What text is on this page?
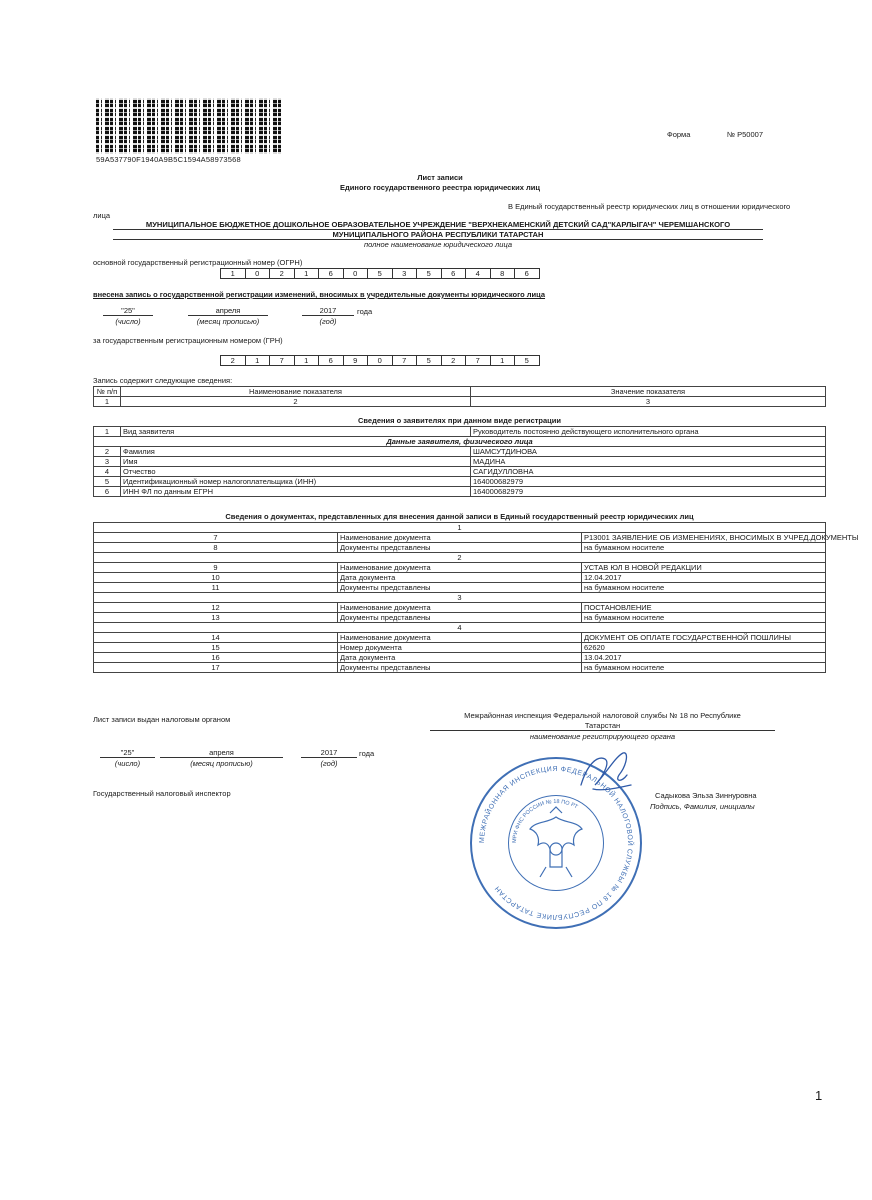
59A537790F1940A9B5C1594A58973568
Форма	№ Р50007
Лист записи
Единого государственного реестра юридических лиц
В Единый государственный реестр юридических лиц в отношении юридического
лица
МУНИЦИПАЛЬНОЕ БЮДЖЕТНОЕ ДОШКОЛЬНОЕ ОБРАЗОВАТЕЛЬНОЕ УЧРЕЖДЕНИЕ "ВЕРХНЕКАМЕНСКИЙ ДЕТСКИЙ САД"КАРЛЫГАЧ" ЧЕРЕМШАНСКОГО
МУНИЦИПАЛЬНОГО РАЙОНА РЕСПУБЛИКИ ТАТАРСТАН
полное наименование юридического лица
основной государственный регистрационный номер (ОГРН)
1	0	2	1	6	0	5	3	5	6	4	8	6
внесена запись о государственной регистрации изменений, вносимых в учредительные документы юридического лица
"25"	апреля	2017	года
(число)	(месяц прописью)	(год)
за государственным регистрационным номером (ГРН)
2	1	7	1	6	9	0	7	5	2	7	1	5
Запись содержит следующие сведения:
№ п/п	Наименование показателя	Значение показателя
1	2	3
Сведения о заявителях при данном виде регистрации
1	Вид заявителя	Руководитель постоянно действующего исполнительного органа
Данные заявителя, физического лица		
2	Фамилия	ШАМСУТДИНОВА
3	Имя	МАДИНА
4	Отчество	САГИДУЛЛОВНА
5	Идентификационный номер налогоплательщика (ИНН)	164000682979
6	ИНН ФЛ по данным ЕГРН	164000682979
Сведения о документах, представленных для внесения данной записи в Единый государственный реестр юридических лиц
1		
7	Наименование документа	Р13001 ЗАЯВЛЕНИЕ ОБ ИЗМЕНЕНИЯХ, ВНОСИМЫХ В УЧРЕД.ДОКУМЕНТЫ
8	Документы представлены	на бумажном носителе
2		
9	Наименование документа	УСТАВ ЮЛ В НОВОЙ РЕДАКЦИИ
10	Дата документа	12.04.2017
11	Документы представлены	на бумажном носителе
3		
12	Наименование документа	ПОСТАНОВЛЕНИЕ
13	Документы представлены	на бумажном носителе
4		
14	Наименование документа	ДОКУМЕНТ ОБ ОПЛАТЕ ГОСУДАРСТВЕННОЙ ПОШЛИНЫ
15	Номер документа	62620
16	Дата документа	13.04.2017
17	Документы представлены	на бумажном носителе
Лист записи выдан налоговым органом	Межрайонная инспекция Федеральной налоговой службы № 18 по Республике
Татарстан
наименование регистрирующего органа
"25"	апреля	2017	года
(число)	(месяц прописью)	(год)
Государственный налоговый инспектор	Садыкова Эльза Зиннуровна
Подпись, Фамилия, инициалы
МЕЖРАЙОННАЯ ИНСПЕКЦИЯ ФЕДЕРАЛЬНОЙ НАЛОГОВОЙ СЛУЖБЫ № 18 ПО РЕСПУБЛИКЕ ТАТАРСТАН
МРИ ФНС РОССИИ № 18 ПО РТ
1
